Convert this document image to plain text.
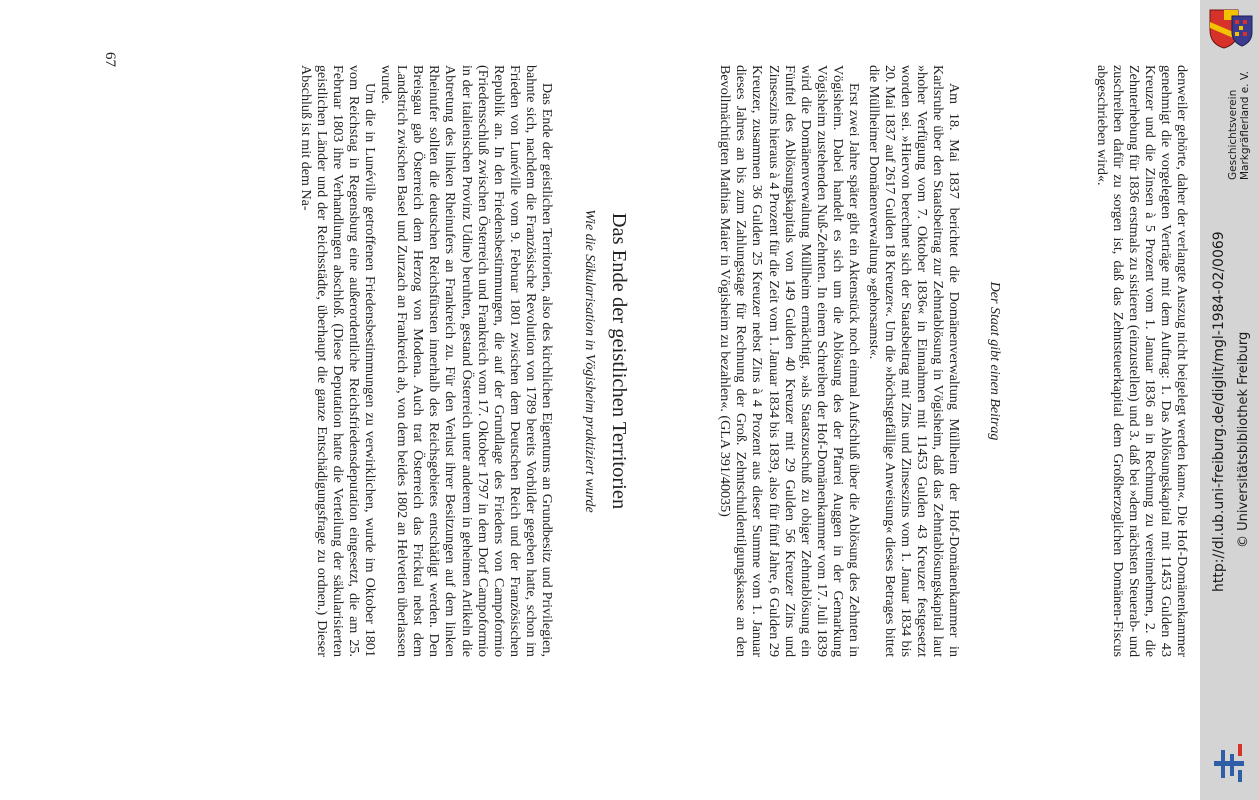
denweiler gehörte, daher der verlangte Auszug nicht beigelegt werden kann«. Die Hof-Domänenkammer genehmigt die vorgelegten Verträge mit dem Auftrag: 1. Das Ablösungskapital mit 11453 Gulden 43 Kreuzer und die Zinsen à 5 Prozent vom 1. Januar 1836 an in Rechnung zu vereinnehmen, 2. die Zehnterhebung für 1836 erstmals zu sistieren (einzustellen) und 3. daß bei »dem nächsten Steuerab- und zuschreiben dafür zu sorgen ist, daß das Zehntsteuerkapital dem Großherzoglichen Domänen-Fiscus abgeschrieben wird«.

Der Staat gibt einen Beitrag

Am 18. Mai 1837 berichtet die Domänenverwaltung Müllheim der Hof-Domänenkammer in Karlsruhe über den Staatsbeitrag zur Zehntablösung in Vögisheim, daß das Zehntablösungskapital laut »hoher Verfügung vom 7. Oktober 1836« in Einnahmen mit 11453 Gulden 43 Kreuzer festgesetzt worden sei. »Hiervon berechnet sich der Staatsbeitrag mit Zins und Zinseszins vom 1. Januar 1834 bis 20. Mai 1837 auf 2617 Gulden 18 Kreuzer«. Um die »höchstgefällige Anweisung« dieses Betrages bittet die Müllheimer Domänenverwaltung »gehorsamst«.

Erst zwei Jahre später gibt ein Aktenstück noch einmal Aufschluß über die Ablösung des Zehnten in Vögisheim. Dabei handelt es sich um die Ablösung des der Pfarrei Auggen in der Gemarkung Vögisheim zustehenden Nuß-Zehnten. In einem Schreiben der Hof-Domänenkammer vom 17. Juli 1839 wird die Domänenverwaltung Müllheim ermächtigt, »als Staatszuschuß zu obiger Zehntablösung ein Fünftel des Ablösungskapitals von 149 Gulden 40 Kreuzer mit 29 Gulden 56 Kreuzer Zins und Zinseszins hieraus à 4 Prozent für die Zeit vom 1. Januar 1834 bis 1839, also für fünf Jahre, 6 Gulden 29 Kreuzer, zusammen 36 Gulden 25 Kreuzer nebst Zins à 4 Prozent aus dieser Summe vom 1. Januar dieses Jahres an bis zum Zahlungstage für Rechnung der Groß. Zehntschuldentilgungskasse an den Bevollmächtigten Mathias Maier in Vögisheim zu bezahlen«. (GLA 391/40035)

Das Ende der geistlichen Territorien
Wie die Säkularisation in Vögisheim praktiziert wurde

Das Ende der geistlichen Territorien, also des kirchlichen Eigentums an Grundbesitz und Privilegien, bahnte sich, nachdem die Französische Revolution von 1789 bereits Vorbilder gegeben hatte, schon im Frieden von Lunéville vom 9. Februar 1801 zwischen dem Deutschen Reich und der Französischen Republik an. In den Friedensbestimmungen, die auf der Grundlage des Friedens von Campoformio (Friedensschluß zwischen Österreich und Frankreich vom 17. Oktober 1797 in dem Dorf Campoformio in der italienischen Provinz Udine) beruhten, gestand Österreich unter anderem in geheimen Artikeln die Abtretung des linken Rheinufers an Frankreich zu. Für den Verlust ihrer Besitzungen auf dem linken Rheinufer sollten die deutschen Reichsfürsten innerhalb des Reichsgebietes entschädigt werden. Den Breisgau gab Österreich dem Herzog von Modena. Auch trat Österreich das Fricktal nebst dem Landstrich zwischen Basel und Zurzach an Frankreich ab, von dem beides 1802 an Helvetien überlassen wurde.

Um die in Lunéville getroffenen Friedensbestimmungen zu verwirklichen, wurde im Oktober 1801 vom Reichstag in Regensburg eine außerordentliche Reichsfriedensdeputation eingesetzt, die am 25. Februar 1803 ihre Verhandlungen abschloß. (Diese Deputation hatte die Verteilung der säkularisierten geistlichen Länder und der Reichsstädte, überhaupt die ganze Entschädigungsfrage zu ordnen.) Dieser Abschluß ist mit dem Na-

67
Geschichtsverein Markgräflerland e. V.
http://dl.ub.uni-freiburg.de/diglit/mgl-1984-02/0069 © Universitätsbibliothek Freiburg
